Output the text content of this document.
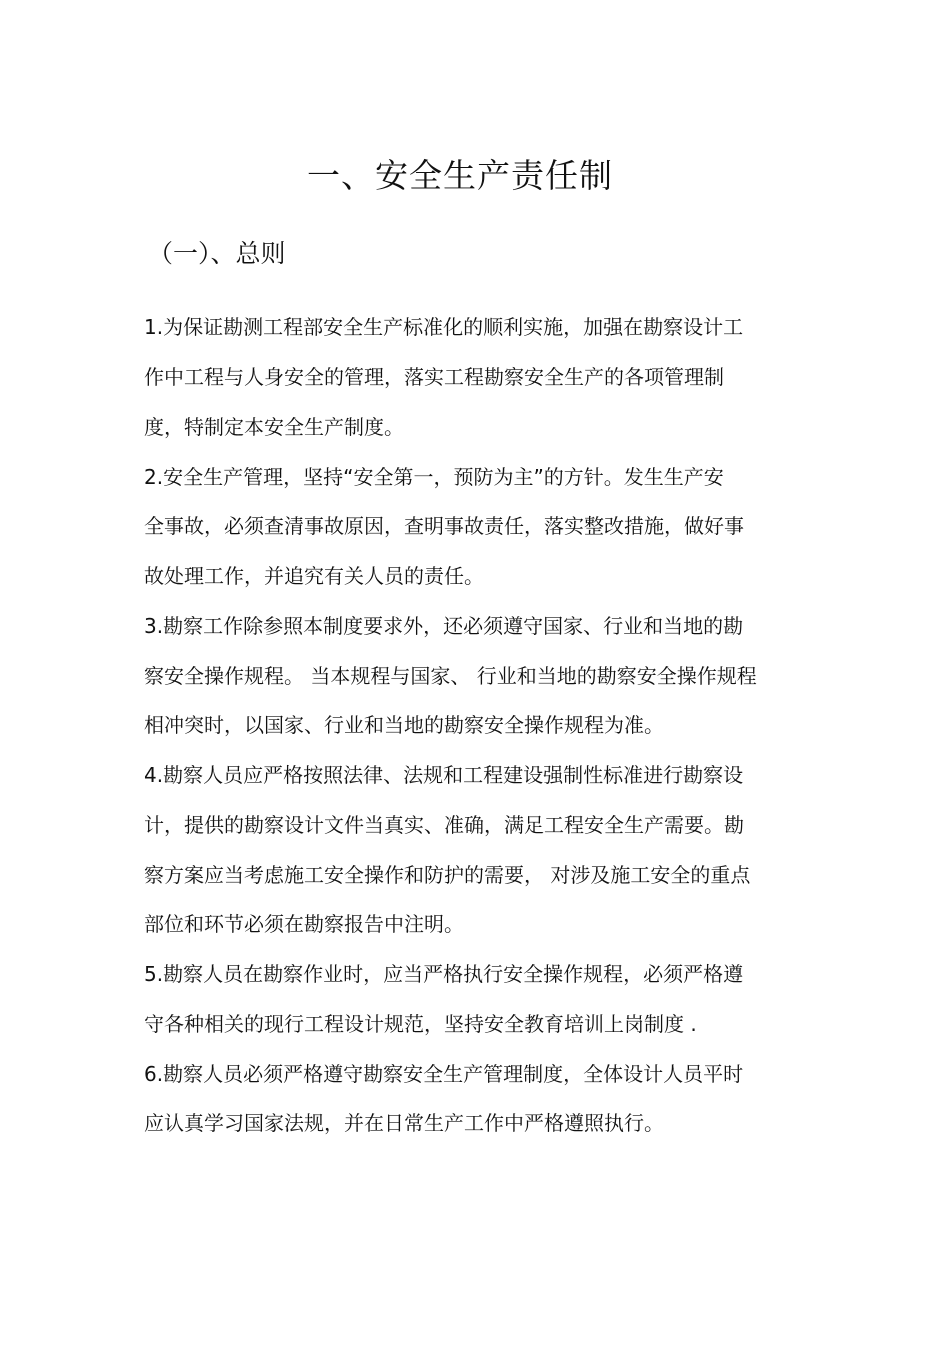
一、安全生产责任制
（一）、总则

1.为保证勘测工程部安全生产标准化的顺利实施，加强在勘察设计工

作中工程与人身安全的管理，落实工程勘察安全生产的各项管理制

度，特制定本安全生产制度。

2.安全生产管理，坚持“安全第一，预防为主”的方针。发生生产安

全事故，必须查清事故原因，查明事故责任，落实整改措施，做好事

故处理工作，并追究有关人员的责任。

3.勘察工作除参照本制度要求外，还必须遵守国家、行业和当地的勘

察安全操作规程。 当本规程与国家、 行业和当地的勘察安全操作规程

相冲突时，以国家、行业和当地的勘察安全操作规程为准。

4.勘察人员应严格按照法律、法规和工程建设强制性标准进行勘察设

计，提供的勘察设计文件当真实、准确，满足工程安全生产需要。勘

察方案应当考虑施工安全操作和防护的需要， 对涉及施工安全的重点

部位和环节必须在勘察报告中注明。

5.勘察人员在勘察作业时，应当严格执行安全操作规程，必须严格遵

守各种相关的现行工程设计规范，坚持安全教育培训上岗制度 .

6.勘察人员必须严格遵守勘察安全生产管理制度，全体设计人员平时

应认真学习国家法规，并在日常生产工作中严格遵照执行。
